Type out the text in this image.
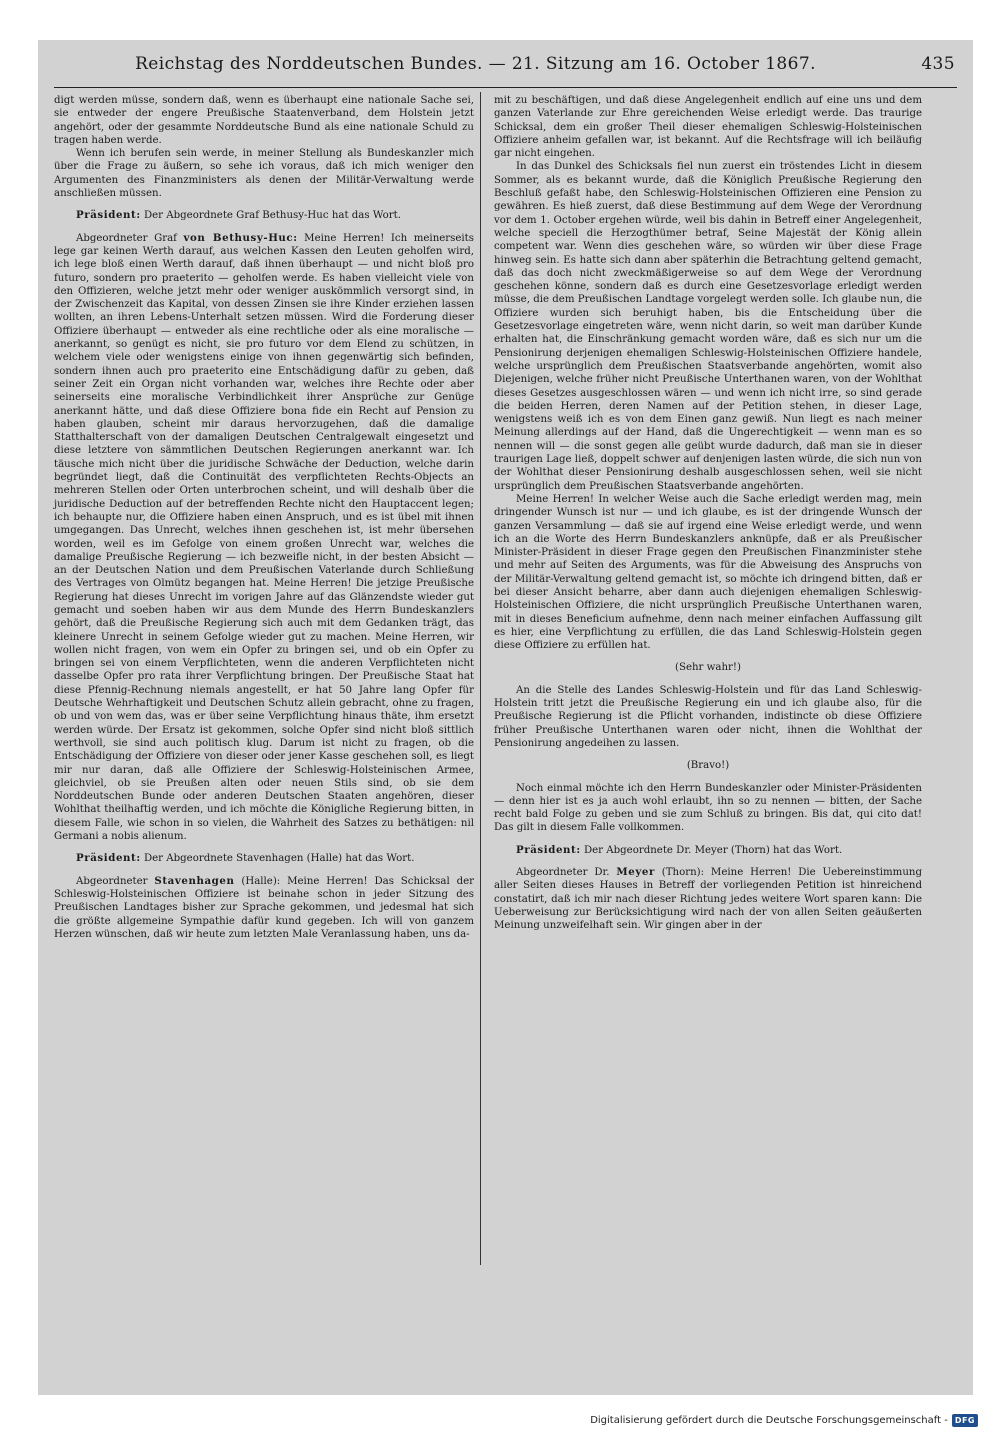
Reichstag des Norddeutschen Bundes. — 21. Sitzung am 16. October 1867.	435

digt werden müsse, sondern daß, wenn es überhaupt eine nationale Sache sei, sie entweder der engere Preußische Staatenverband, dem Holstein jetzt angehört, oder der gesammte Norddeutsche Bund als eine nationale Schuld zu tragen haben werde.

Wenn ich berufen sein werde, in meiner Stellung als Bundeskanzler mich über die Frage zu äußern, so sehe ich voraus, daß ich mich weniger den Argumenten des Finanzministers als denen der Militär-Verwaltung werde anschließen müssen.

Präsident: Der Abgeordnete Graf Bethusy-Huc hat das Wort.

Abgeordneter Graf von Bethusy-Huc: Meine Herren! Ich meinerseits lege gar keinen Werth darauf, aus welchen Kassen den Leuten geholfen wird, ich lege bloß einen Werth darauf, daß ihnen überhaupt — und nicht bloß pro futuro, sondern pro praeterito — geholfen werde. Es haben vielleicht viele von den Offizieren, welche jetzt mehr oder weniger auskömmlich versorgt sind, in der Zwischenzeit das Kapital, von dessen Zinsen sie ihre Kinder erziehen lassen wollten, an ihren Lebens-Unterhalt setzen müssen. Wird die Forderung dieser Offiziere überhaupt — entweder als eine rechtliche oder als eine moralische — anerkannt, so genügt es nicht, sie pro futuro vor dem Elend zu schützen, in welchem viele oder wenigstens einige von ihnen gegenwärtig sich befinden, sondern ihnen auch pro praeterito eine Entschädigung dafür zu geben, daß seiner Zeit ein Organ nicht vorhanden war, welches ihre Rechte oder aber seinerseits eine moralische Verbindlichkeit ihrer Ansprüche zur Genüge anerkannt hätte, und daß diese Offiziere bona fide ein Recht auf Pension zu haben glauben, scheint mir daraus hervorzugehen, daß die damalige Statthalterschaft von der damaligen Deutschen Centralgewalt eingesetzt und diese letztere von sämmtlichen Deutschen Regierungen anerkannt war. Ich täusche mich nicht über die juridische Schwäche der Deduction, welche darin begründet liegt, daß die Continuität des verpflichteten Rechts-Objects an mehreren Stellen oder Orten unterbrochen scheint, und will deshalb über die juridische Deduction auf der betreffenden Rechte nicht den Hauptaccent legen; ich behaupte nur, die Offiziere haben einen Anspruch, und es ist übel mit ihnen umgegangen. Das Unrecht, welches ihnen geschehen ist, ist mehr übersehen worden, weil es im Gefolge von einem großen Unrecht war, welches die damalige Preußische Regierung — ich bezweifle nicht, in der besten Absicht — an der Deutschen Nation und dem Preußischen Vaterlande durch Schließung des Vertrages von Olmütz begangen hat. Meine Herren! Die jetzige Preußische Regierung hat dieses Unrecht im vorigen Jahre auf das Glänzendste wieder gut gemacht und soeben haben wir aus dem Munde des Herrn Bundeskanzlers gehört, daß die Preußische Regierung sich auch mit dem Gedanken trägt, das kleinere Unrecht in seinem Gefolge wieder gut zu machen. Meine Herren, wir wollen nicht fragen, von wem ein Opfer zu bringen sei, und ob ein Opfer zu bringen sei von einem Verpflichteten, wenn die anderen Verpflichteten nicht dasselbe Opfer pro rata ihrer Verpflichtung bringen. Der Preußische Staat hat diese Pfennig-Rechnung niemals angestellt, er hat 50 Jahre lang Opfer für Deutsche Wehrhaftigkeit und Deutschen Schutz allein gebracht, ohne zu fragen, ob und von wem das, was er über seine Verpflichtung hinaus thäte, ihm ersetzt werden würde. Der Ersatz ist gekommen, solche Opfer sind nicht bloß sittlich werthvoll, sie sind auch politisch klug. Darum ist nicht zu fragen, ob die Entschädigung der Offiziere von dieser oder jener Kasse geschehen soll, es liegt mir nur daran, daß alle Offiziere der Schleswig-Holsteinischen Armee, gleichviel, ob sie Preußen alten oder neuen Stils sind, ob sie dem Norddeutschen Bunde oder anderen Deutschen Staaten angehören, dieser Wohlthat theilhaftig werden, und ich möchte die Königliche Regierung bitten, in diesem Falle, wie schon in so vielen, die Wahrheit des Satzes zu bethätigen: nil Germani a nobis alienum.

Präsident: Der Abgeordnete Stavenhagen (Halle) hat das Wort.

Abgeordneter Stavenhagen (Halle): Meine Herren! Das Schicksal der Schleswig-Holsteinischen Offiziere ist beinahe schon in jeder Sitzung des Preußischen Landtages bisher zur Sprache gekommen, und jedesmal hat sich die größte allgemeine Sympathie dafür kund gegeben. Ich will von ganzem Herzen wünschen, daß wir heute zum letzten Male Veranlassung haben, uns da-

mit zu beschäftigen, und daß diese Angelegenheit endlich auf eine uns und dem ganzen Vaterlande zur Ehre gereichenden Weise erledigt werde. Das traurige Schicksal, dem ein großer Theil dieser ehemaligen Schleswig-Holsteinischen Offiziere anheim gefallen war, ist bekannt. Auf die Rechtsfrage will ich beiläufig gar nicht eingehen.

In das Dunkel des Schicksals fiel nun zuerst ein tröstendes Licht in diesem Sommer, als es bekannt wurde, daß die Königlich Preußische Regierung den Beschluß gefaßt habe, den Schleswig-Holsteinischen Offizieren eine Pension zu gewähren. Es hieß zuerst, daß diese Bestimmung auf dem Wege der Verordnung vor dem 1. October ergehen würde, weil bis dahin in Betreff einer Angelegenheit, welche speciell die Herzogthümer betraf, Seine Majestät der König allein competent war. Wenn dies geschehen wäre, so würden wir über diese Frage hinweg sein. Es hatte sich dann aber späterhin die Betrachtung geltend gemacht, daß das doch nicht zweckmäßigerweise so auf dem Wege der Verordnung geschehen könne, sondern daß es durch eine Gesetzesvorlage erledigt werden müsse, die dem Preußischen Landtage vorgelegt werden solle. Ich glaube nun, die Offiziere wurden sich beruhigt haben, bis die Entscheidung über die Gesetzesvorlage eingetreten wäre, wenn nicht darin, so weit man darüber Kunde erhalten hat, die Einschränkung gemacht worden wäre, daß es sich nur um die Pensionirung derjenigen ehemaligen Schleswig-Holsteinischen Offiziere handele, welche ursprünglich dem Preußischen Staatsverbande angehörten, womit also Diejenigen, welche früher nicht Preußische Unterthanen waren, von der Wohlthat dieses Gesetzes ausgeschlossen wären — und wenn ich nicht irre, so sind gerade die beiden Herren, deren Namen auf der Petition stehen, in dieser Lage, wenigstens weiß ich es von dem Einen ganz gewiß. Nun liegt es nach meiner Meinung allerdings auf der Hand, daß die Ungerechtigkeit — wenn man es so nennen will — die sonst gegen alle geübt wurde dadurch, daß man sie in dieser traurigen Lage ließ, doppelt schwer auf denjenigen lasten würde, die sich nun von der Wohlthat dieser Pensionirung deshalb ausgeschlossen sehen, weil sie nicht ursprünglich dem Preußischen Staatsverbande angehörten.

Meine Herren! In welcher Weise auch die Sache erledigt werden mag, mein dringender Wunsch ist nur — und ich glaube, es ist der dringende Wunsch der ganzen Versammlung — daß sie auf irgend eine Weise erledigt werde, und wenn ich an die Worte des Herrn Bundeskanzlers anknüpfe, daß er als Preußischer Minister-Präsident in dieser Frage gegen den Preußischen Finanzminister stehe und mehr auf Seiten des Arguments, was für die Abweisung des Anspruchs von der Militär-Verwaltung geltend gemacht ist, so möchte ich dringend bitten, daß er bei dieser Ansicht beharre, aber dann auch diejenigen ehemaligen Schleswig-Holsteinischen Offiziere, die nicht ursprünglich Preußische Unterthanen waren, mit in dieses Beneficium aufnehme, denn nach meiner einfachen Auffassung gilt es hier, eine Verpflichtung zu erfüllen, die das Land Schleswig-Holstein gegen diese Offiziere zu erfüllen hat.

(Sehr wahr!)

An die Stelle des Landes Schleswig-Holstein und für das Land Schleswig-Holstein tritt jetzt die Preußische Regierung ein und ich glaube also, für die Preußische Regierung ist die Pflicht vorhanden, indistincte ob diese Offiziere früher Preußische Unterthanen waren oder nicht, ihnen die Wohlthat der Pensionirung angedeihen zu lassen.

(Bravo!)

Noch einmal möchte ich den Herrn Bundeskanzler oder Minister-Präsidenten — denn hier ist es ja auch wohl erlaubt, ihn so zu nennen — bitten, der Sache recht bald Folge zu geben und sie zum Schluß zu bringen. Bis dat, qui cito dat! Das gilt in diesem Falle vollkommen.

Präsident: Der Abgeordnete Dr. Meyer (Thorn) hat das Wort.

Abgeordneter Dr. Meyer (Thorn): Meine Herren! Die Uebereinstimmung aller Seiten dieses Hauses in Betreff der vorliegenden Petition ist hinreichend constatirt, daß ich mir nach dieser Richtung jedes weitere Wort sparen kann: Die Ueberweisung zur Berücksichtigung wird nach der von allen Seiten geäußerten Meinung unzweifelhaft sein. Wir gingen aber in der

Digitalisierung gefördert durch die Deutsche Forschungsgemeinschaft - DFG
